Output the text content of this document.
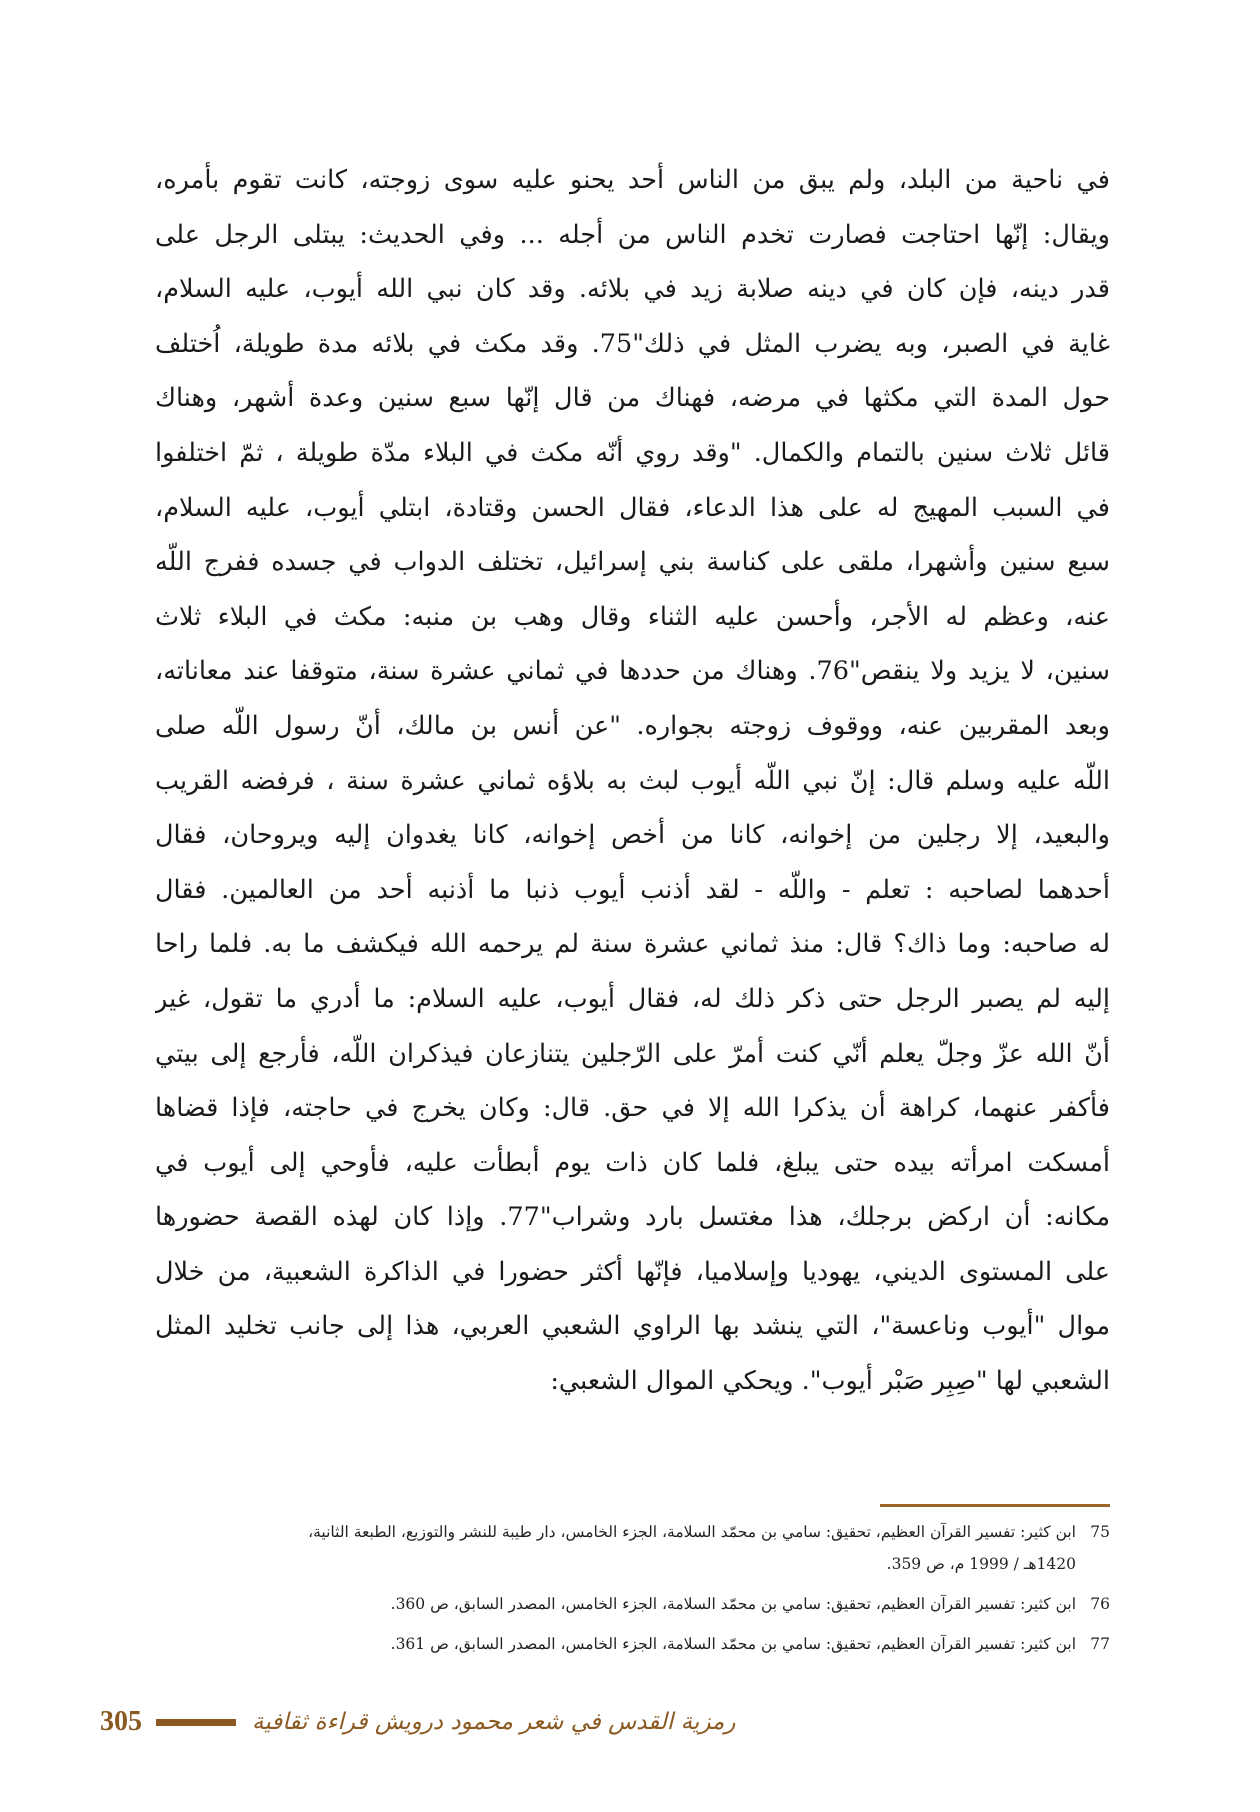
في ناحية من البلد، ولم يبق من الناس أحد يحنو عليه سوى زوجته، كانت تقوم بأمره،
ويقال: إنّها احتاجت فصارت تخدم الناس من أجله ... وفي الحديث: يبتلى الرجل على
قدر دينه، فإن كان في دينه صلابة زيد في بلائه. وقد كان نبي الله أيوب، عليه السلام،
غاية في الصبر، وبه يضرب المثل في ذلك"75. وقد مكث في بلائه مدة طويلة، اُختلف
حول المدة التي مكثها في مرضه، فهناك من قال إنّها سبع سنين وعدة أشهر، وهناك
قائل ثلاث سنين بالتمام والكمال. "وقد روي أنّه مكث في البلاء مدّة طويلة ، ثمّ اختلفوا
في السبب المهيج له على هذا الدعاء، فقال الحسن وقتادة، ابتلي أيوب، عليه السلام،
سبع سنين وأشهرا، ملقى على كناسة بني إسرائيل، تختلف الدواب في جسده ففرج اللّه
عنه، وعظم له الأجر، وأحسن عليه الثناء وقال وهب بن منبه: مكث في البلاء ثلاث
سنين، لا يزيد ولا ينقص"76. وهناك من حددها في ثماني عشرة سنة، متوقفا عند معاناته،
وبعد المقربين عنه، ووقوف زوجته بجواره. "عن أنس بن مالك، أنّ رسول اللّه صلى
اللّه عليه وسلم قال: إنّ نبي اللّه أيوب لبث به بلاؤه ثماني عشرة سنة ، فرفضه القريب
والبعيد، إلا رجلين من إخوانه، كانا من أخص إخوانه، كانا يغدوان إليه ويروحان، فقال
أحدهما لصاحبه : تعلم - واللّه - لقد أذنب أيوب ذنبا ما أذنبه أحد من العالمين. فقال
له صاحبه: وما ذاك؟ قال: منذ ثماني عشرة سنة لم يرحمه الله فيكشف ما به. فلما راحا
إليه لم يصبر الرجل حتى ذكر ذلك له، فقال أيوب، عليه السلام: ما أدري ما تقول، غير
أنّ الله عزّ وجلّ يعلم أنّي كنت أمرّ على الرّجلين يتنازعان فيذكران اللّه، فأرجع إلى بيتي
فأكفر عنهما، كراهة أن يذكرا الله إلا في حق. قال: وكان يخرج في حاجته، فإذا قضاها
أمسكت امرأته بيده حتى يبلغ، فلما كان ذات يوم أبطأت عليه، فأوحي إلى أيوب في
مكانه: أن اركض برجلك، هذا مغتسل بارد وشراب"77. وإذا كان لهذه القصة حضورها
على المستوى الديني، يهوديا وإسلاميا، فإنّها أكثر حضورا في الذاكرة الشعبية، من خلال
موال "أيوب وناعسة"، التي ينشد بها الراوي الشعبي العربي، هذا إلى جانب تخليد المثل
الشعبي لها "صِبِر صَبْر أيوب". ويحكي الموال الشعبي:
75
ابن كثير: تفسير القرآن العظيم، تحقيق: سامي بن محمّد السلامة، الجزء الخامس، دار طيبة للنشر والتوزيع، الطبعة الثانية،
1420هـ / 1999 م، ص 359.
76
ابن كثير: تفسير القرآن العظيم، تحقيق: سامي بن محمّد السلامة، الجزء الخامس، المصدر السابق، ص 360.
77
ابن كثير: تفسير القرآن العظيم، تحقيق: سامي بن محمّد السلامة، الجزء الخامس، المصدر السابق، ص 361.
305	رمزية القدس في شعر محمود درويش قراءة ثقافية
